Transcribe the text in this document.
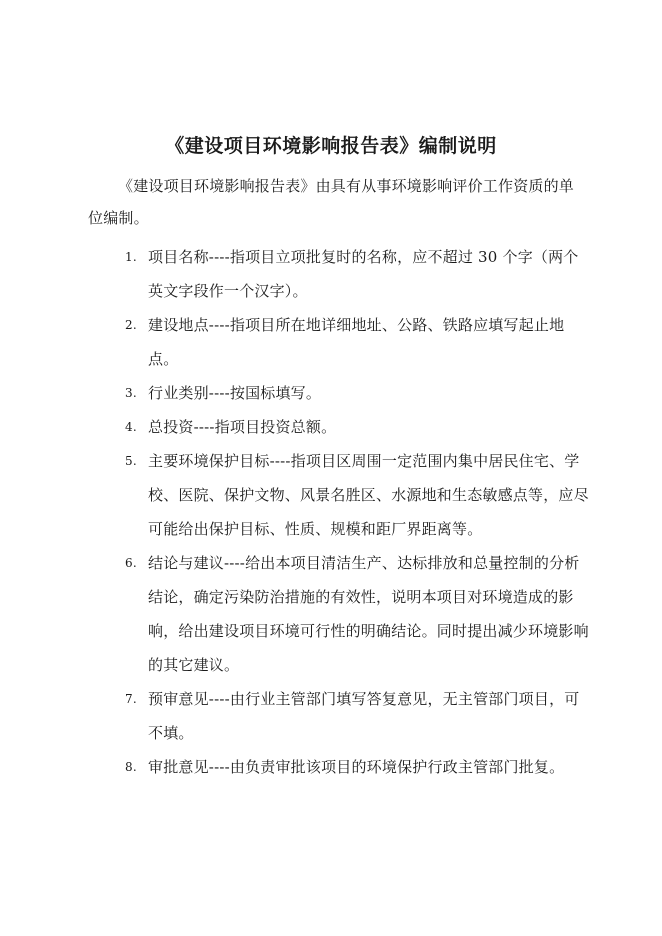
《建设项目环境影响报告表》编制说明
《建设项目环境影响报告表》由具有从事环境影响评价工作资质的单位编制。
1. 项目名称----指项目立项批复时的名称，应不超过 30 个字（两个英文字段作一个汉字）。
2. 建设地点----指项目所在地详细地址、公路、铁路应填写起止地点。
3. 行业类别----按国标填写。
4. 总投资----指项目投资总额。
5. 主要环境保护目标----指项目区周围一定范围内集中居民住宅、学校、医院、保护文物、风景名胜区、水源地和生态敏感点等，应尽可能给出保护目标、性质、规模和距厂界距离等。
6. 结论与建议----给出本项目清洁生产、达标排放和总量控制的分析结论，确定污染防治措施的有效性，说明本项目对环境造成的影响，给出建设项目环境可行性的明确结论。同时提出减少环境影响的其它建议。
7. 预审意见----由行业主管部门填写答复意见，无主管部门项目，可不填。
8. 审批意见----由负责审批该项目的环境保护行政主管部门批复。
